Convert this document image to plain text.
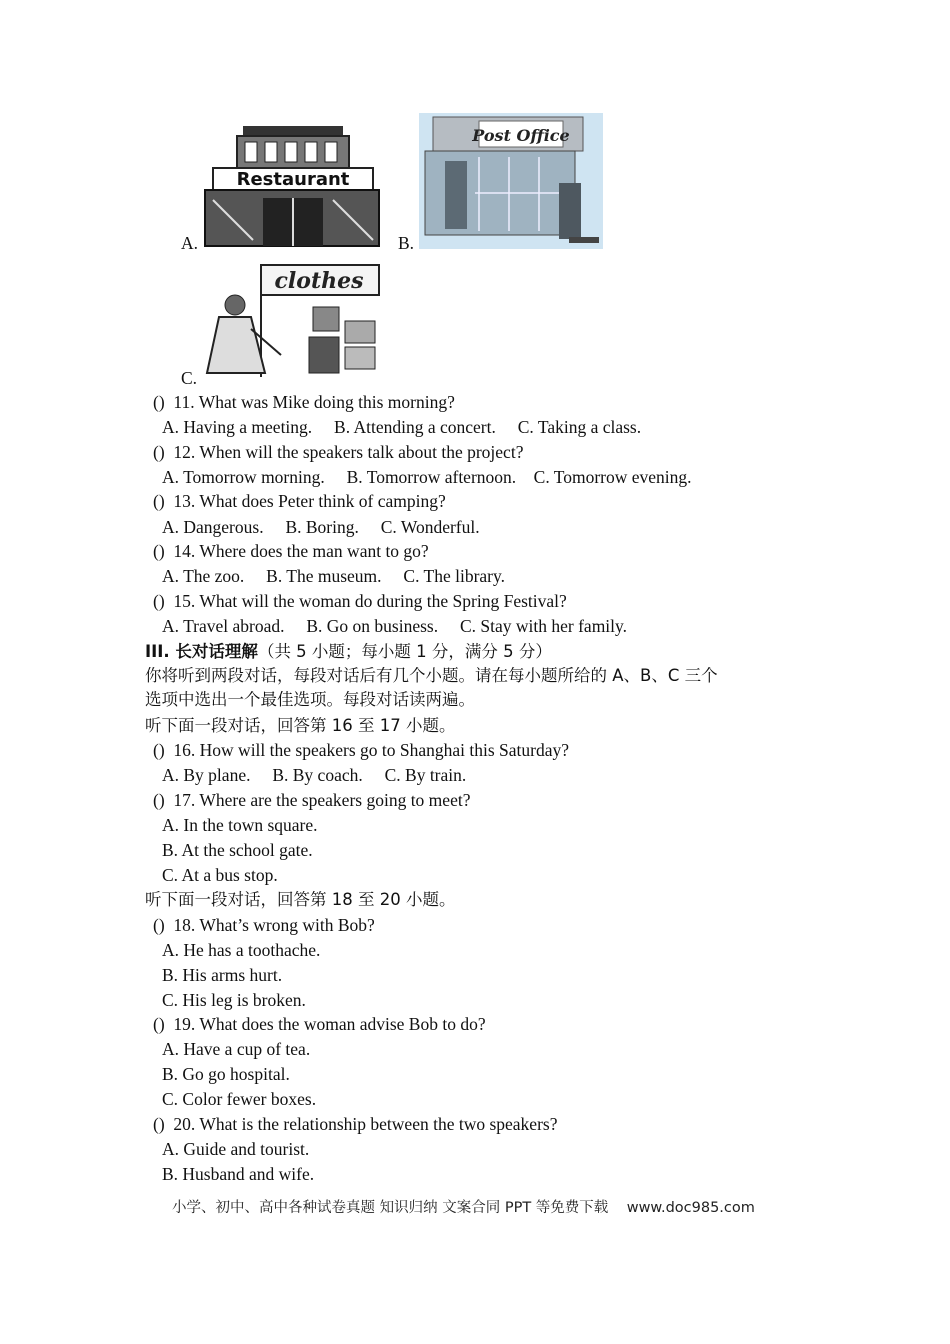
A.
Restaurant
B.
Post Office
clothes
C.
()  11. What was Mike doing this morning?
A. Having a meeting.     B. Attending a concert.     C. Taking a class.
()  12. When will the speakers talk about the project?
A. Tomorrow morning.     B. Tomorrow afternoon.    C. Tomorrow evening.
()  13. What does Peter think of camping?
A. Dangerous.     B. Boring.     C. Wonderful.
()  14. Where does the man want to go?
A. The zoo.     B. The museum.     C. The library.
()  15. What will the woman do during the Spring Festival?
A. Travel abroad.     B. Go on business.     C. Stay with her family.
III. 长对话理解（共 5 小题；每小题 1 分，满分 5 分）
你将听到两段对话，每段对话后有几个小题。请在每小题所给的 A、B、C 三个
选项中选出一个最佳选项。每段对话读两遍。
听下面一段对话，回答第 16 至 17 小题。
()  16. How will the speakers go to Shanghai this Saturday?
A. By plane.     B. By coach.     C. By train.
()  17. Where are the speakers going to meet?
A. In the town square.
B. At the school gate.
C. At a bus stop.
听下面一段对话，回答第 18 至 20 小题。
()  18. What’s wrong with Bob?
A. He has a toothache.
B. His arms hurt.
C. His leg is broken.
()  19. What does the woman advise Bob to do?
A. Have a cup of tea.
B. Go go hospital.
C. Color fewer boxes.
()  20. What is the relationship between the two speakers?
A. Guide and tourist.
B. Husband and wife.
小学、初中、高中各种试卷真题 知识归纳 文案合同 PPT 等免费下载    www.doc985.com
